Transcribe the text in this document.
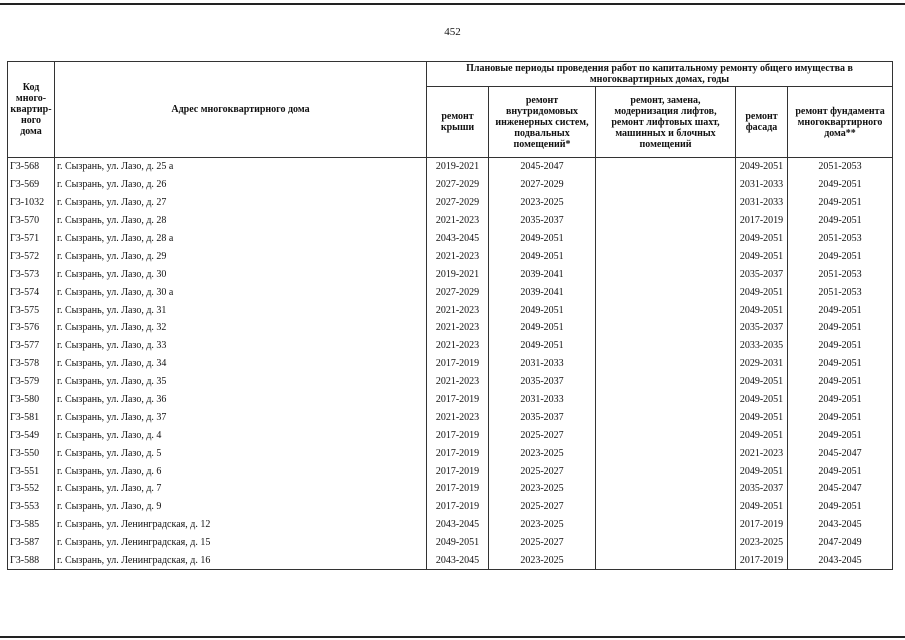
452
Код много-квартир-ного дома	Адрес многоквартирного дома	Плановые периоды проведения работ по капитальному ремонту общего имущества в многоквартирных домах, годы				
		ремонт крыши	ремонт внутридомовых инженерных систем, подвальных помещений*	ремонт, замена, модернизация лифтов, ремонт лифтовых шахт, машинных и блочных помещений	ремонт фасада	ремонт фундамента многоквартирного дома**
Г3-568	г. Сызрань, ул. Лазо, д. 25 а	2019-2021	2045-2047		2049-2051	2051-2053
Г3-569	г. Сызрань, ул. Лазо, д. 26	2027-2029	2027-2029		2031-2033	2049-2051
Г3-1032	г. Сызрань, ул. Лазо, д. 27	2027-2029	2023-2025		2031-2033	2049-2051
Г3-570	г. Сызрань, ул. Лазо, д. 28	2021-2023	2035-2037		2017-2019	2049-2051
Г3-571	г. Сызрань, ул. Лазо, д. 28 а	2043-2045	2049-2051		2049-2051	2051-2053
Г3-572	г. Сызрань, ул. Лазо, д. 29	2021-2023	2049-2051		2049-2051	2049-2051
Г3-573	г. Сызрань, ул. Лазо, д. 30	2019-2021	2039-2041		2035-2037	2051-2053
Г3-574	г. Сызрань, ул. Лазо, д. 30 а	2027-2029	2039-2041		2049-2051	2051-2053
Г3-575	г. Сызрань, ул. Лазо, д. 31	2021-2023	2049-2051		2049-2051	2049-2051
Г3-576	г. Сызрань, ул. Лазо, д. 32	2021-2023	2049-2051		2035-2037	2049-2051
Г3-577	г. Сызрань, ул. Лазо, д. 33	2021-2023	2049-2051		2033-2035	2049-2051
Г3-578	г. Сызрань, ул. Лазо, д. 34	2017-2019	2031-2033		2029-2031	2049-2051
Г3-579	г. Сызрань, ул. Лазо, д. 35	2021-2023	2035-2037		2049-2051	2049-2051
Г3-580	г. Сызрань, ул. Лазо, д. 36	2017-2019	2031-2033		2049-2051	2049-2051
Г3-581	г. Сызрань, ул. Лазо, д. 37	2021-2023	2035-2037		2049-2051	2049-2051
Г3-549	г. Сызрань, ул. Лазо, д. 4	2017-2019	2025-2027		2049-2051	2049-2051
Г3-550	г. Сызрань, ул. Лазо, д. 5	2017-2019	2023-2025		2021-2023	2045-2047
Г3-551	г. Сызрань, ул. Лазо, д. 6	2017-2019	2025-2027		2049-2051	2049-2051
Г3-552	г. Сызрань, ул. Лазо, д. 7	2017-2019	2023-2025		2035-2037	2045-2047
Г3-553	г. Сызрань, ул. Лазо, д. 9	2017-2019	2025-2027		2049-2051	2049-2051
Г3-585	г. Сызрань, ул. Ленинградская, д. 12	2043-2045	2023-2025		2017-2019	2043-2045
Г3-587	г. Сызрань, ул. Ленинградская, д. 15	2049-2051	2025-2027		2023-2025	2047-2049
Г3-588	г. Сызрань, ул. Ленинградская, д. 16	2043-2045	2023-2025		2017-2019	2043-2045
